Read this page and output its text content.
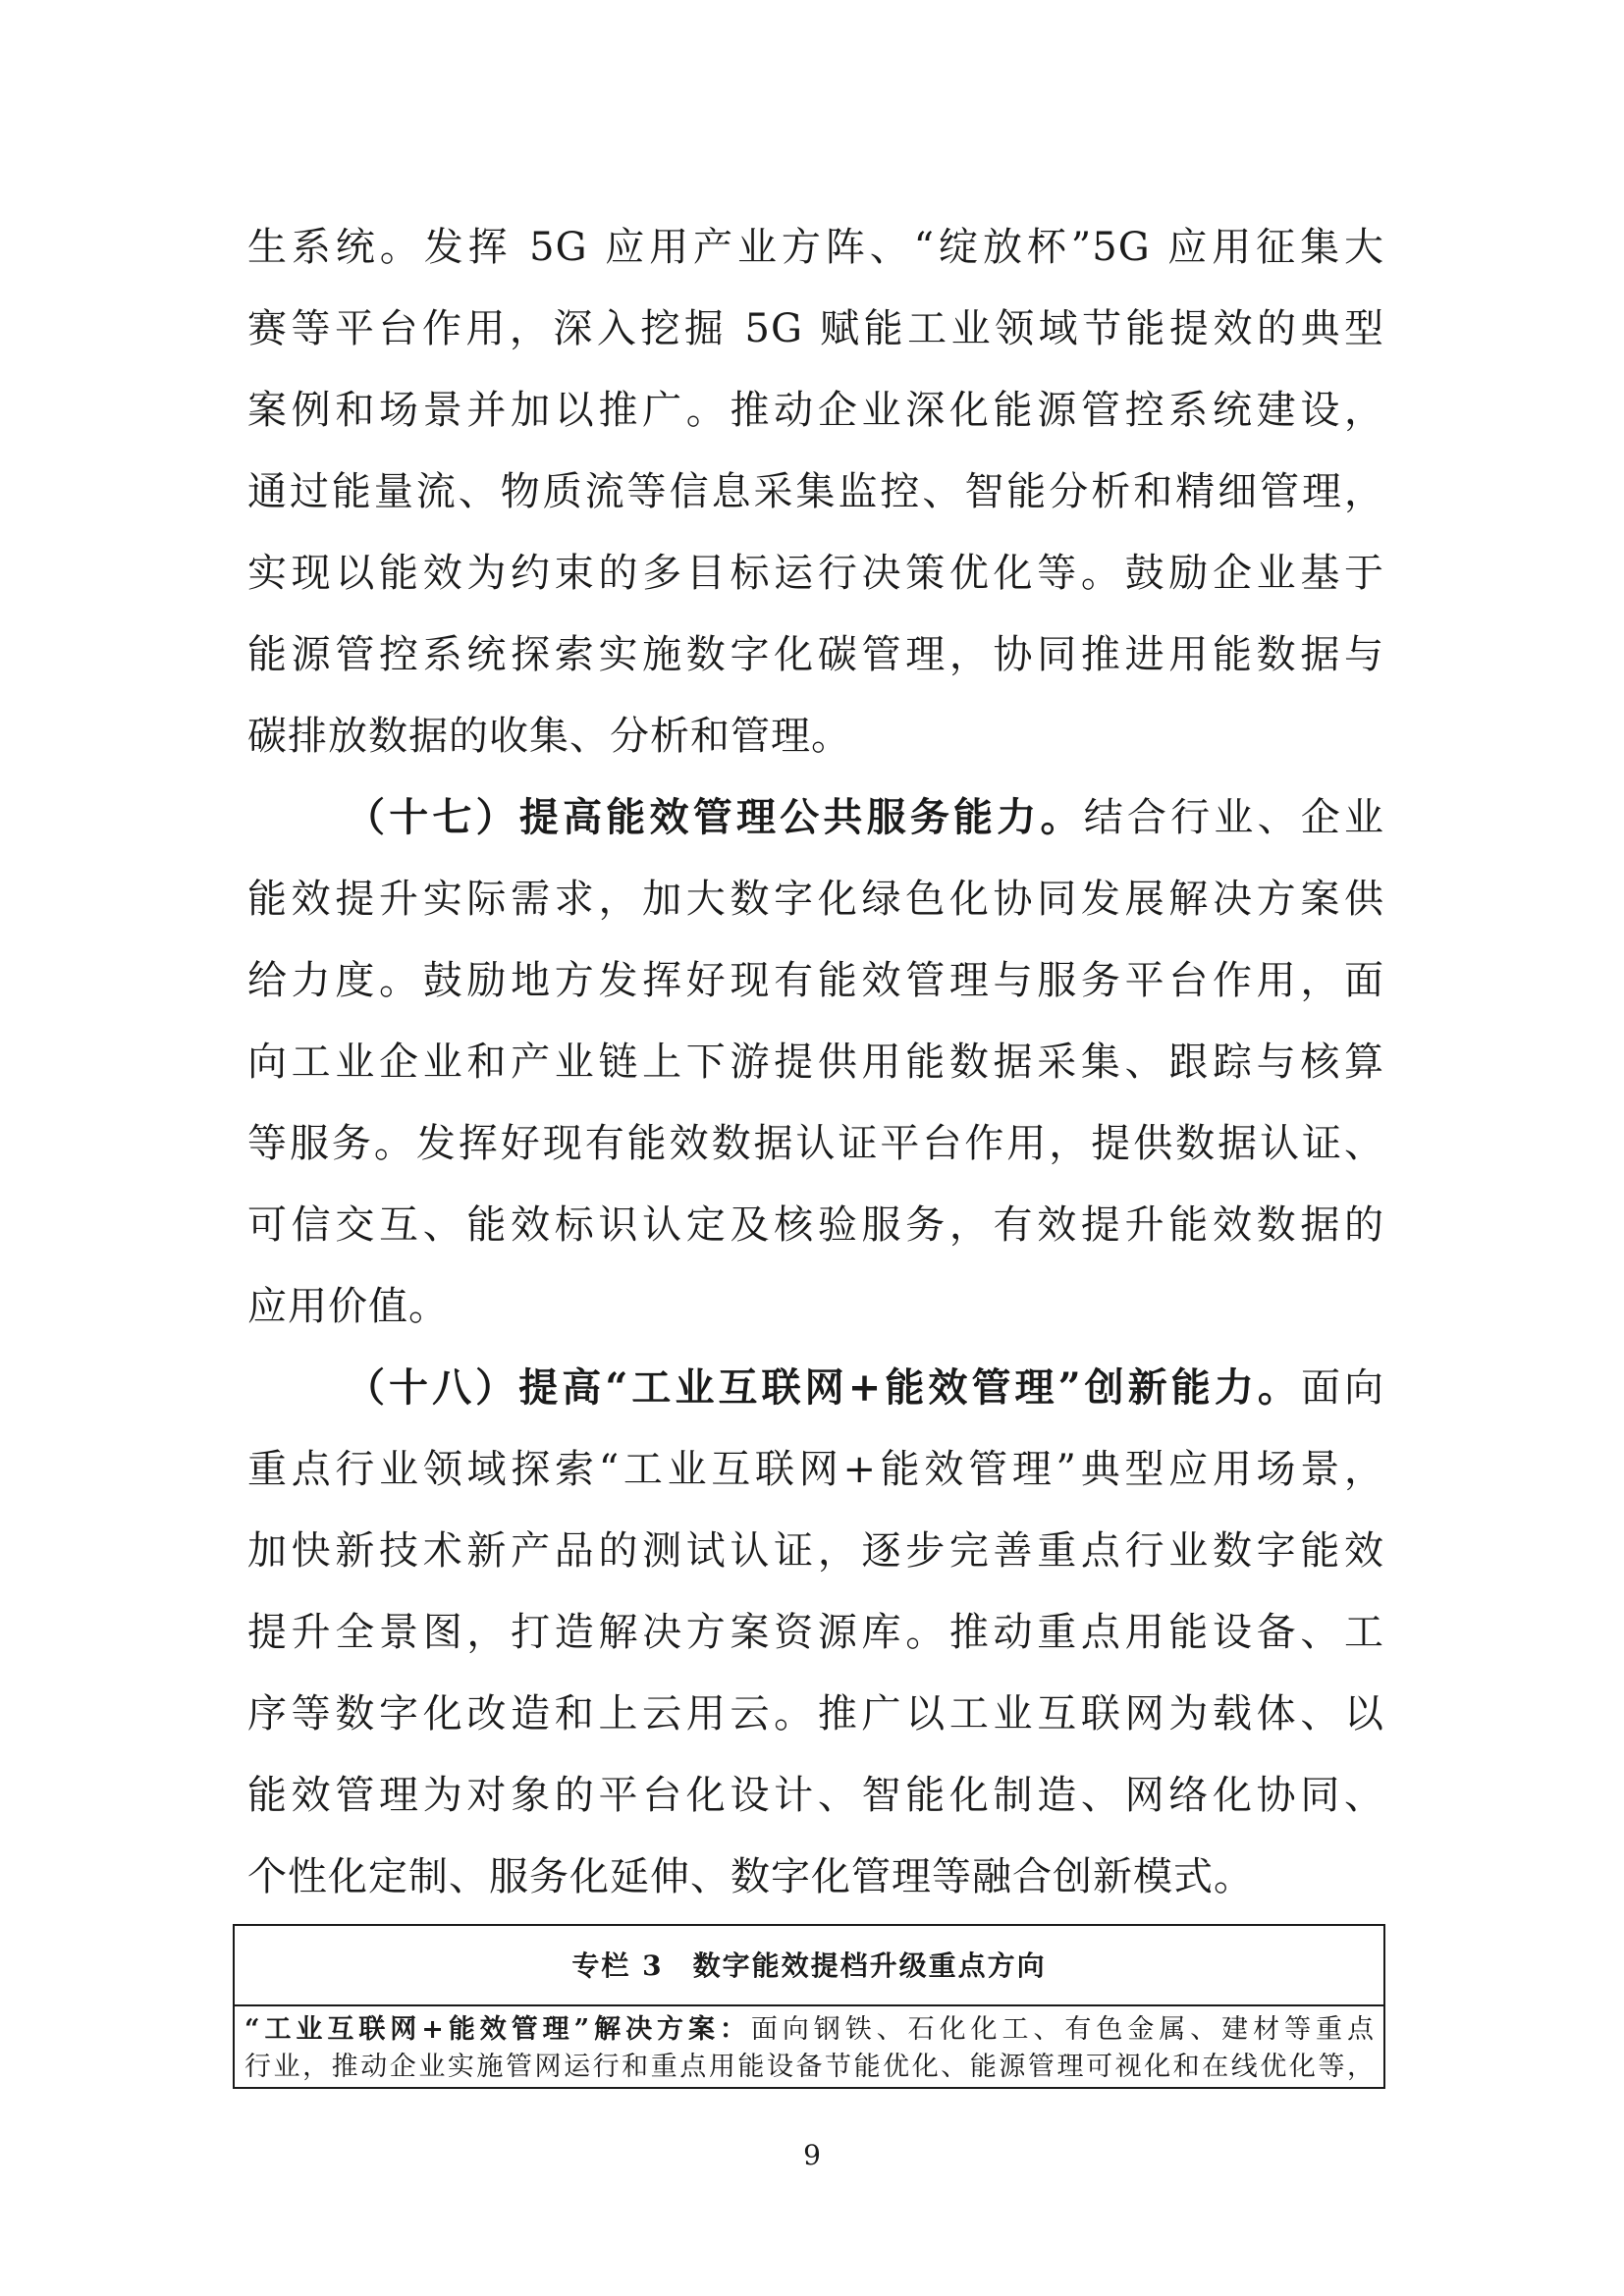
生系统。发挥 5G 应用产业方阵、“绽放杯”5G 应用征集大
赛等平台作用，深入挖掘 5G 赋能工业领域节能提效的典型
案例和场景并加以推广。推动企业深化能源管控系统建设，
通过能量流、物质流等信息采集监控、智能分析和精细管理，
实现以能效为约束的多目标运行决策优化等。鼓励企业基于
能源管控系统探索实施数字化碳管理，协同推进用能数据与
碳排放数据的收集、分析和管理。
（十七）提高能效管理公共服务能力。结合行业、企业
能效提升实际需求，加大数字化绿色化协同发展解决方案供
给力度。鼓励地方发挥好现有能效管理与服务平台作用，面
向工业企业和产业链上下游提供用能数据采集、跟踪与核算
等服务。发挥好现有能效数据认证平台作用，提供数据认证、
可信交互、能效标识认定及核验服务，有效提升能效数据的
应用价值。
（十八）提高“工业互联网+能效管理”创新能力。面向
重点行业领域探索“工业互联网+能效管理”典型应用场景，
加快新技术新产品的测试认证，逐步完善重点行业数字能效
提升全景图，打造解决方案资源库。推动重点用能设备、工
序等数字化改造和上云用云。推广以工业互联网为载体、以
能效管理为对象的平台化设计、智能化制造、网络化协同、
个性化定制、服务化延伸、数字化管理等融合创新模式。
专栏 3　数字能效提档升级重点方向
“工业互联网+能效管理”解决方案：面向钢铁、石化化工、有色金属、建材等重点
行业，推动企业实施管网运行和重点用能设备节能优化、能源管理可视化和在线优化等，
9
